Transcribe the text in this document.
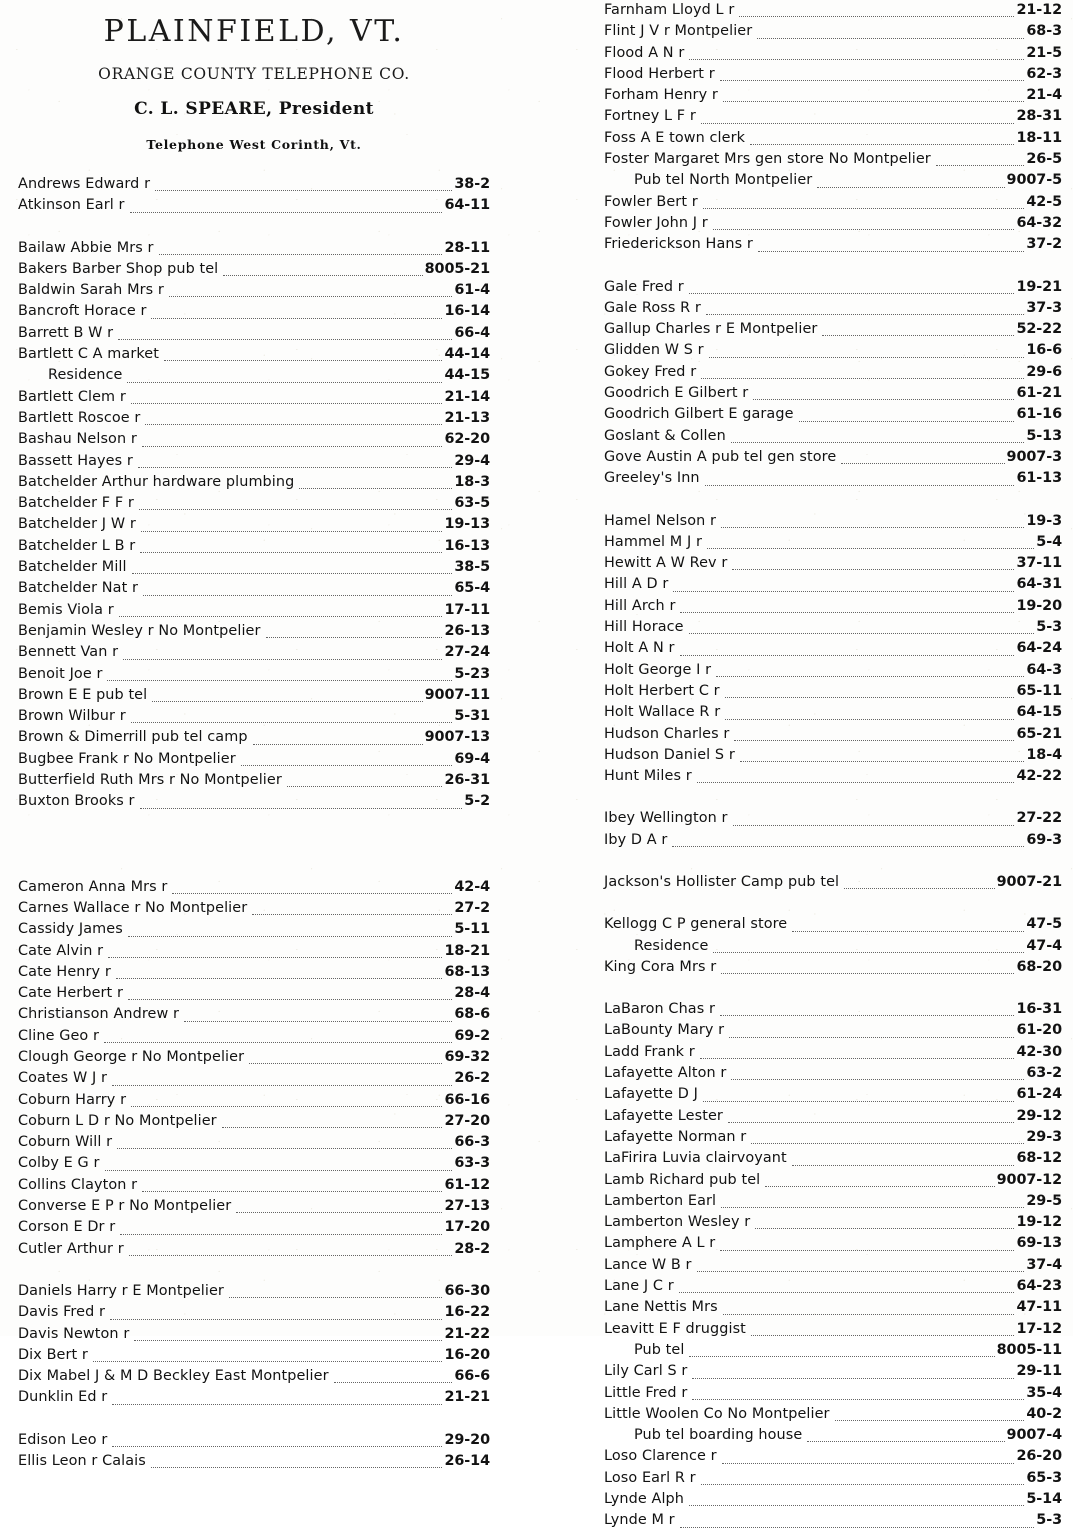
PLAINFIELD, VT.
ORANGE COUNTY TELEPHONE CO.
C. L. SPEARE, President
Telephone West Corinth, Vt.
Andrews Edward r	38-2
Atkinson Earl r	64-11
Bailaw Abbie Mrs r	28-11
Bakers Barber Shop pub tel	8005-21
Baldwin Sarah Mrs r	61-4
Bancroft Horace r	16-14
Barrett B W r	66-4
Bartlett C A market	44-14
Residence	44-15
Bartlett Clem r	21-14
Bartlett Roscoe r	21-13
Bashau Nelson r	62-20
Bassett Hayes r	29-4
Batchelder Arthur hardware plumbing	18-3
Batchelder F F r	63-5
Batchelder J W r	19-13
Batchelder L B r	16-13
Batchelder Mill	38-5
Batchelder Nat r	65-4
Bemis Viola r	17-11
Benjamin Wesley r No Montpelier	26-13
Bennett Van r	27-24
Benoit Joe r	5-23
Brown E E pub tel	9007-11
Brown Wilbur r	5-31
Brown & Dimerrill pub tel camp	9007-13
Bugbee Frank r No Montpelier	69-4
Butterfield Ruth Mrs r No Montpelier	26-31
Buxton Brooks r	5-2
Cameron Anna Mrs r	42-4
Carnes Wallace r No Montpelier	27-2
Cassidy James	5-11
Cate Alvin r	18-21
Cate Henry r	68-13
Cate Herbert r	28-4
Christianson Andrew r	68-6
Cline Geo r	69-2
Clough George r No Montpelier	69-32
Coates W J r	26-2
Coburn Harry r	66-16
Coburn L D r No Montpelier	27-20
Coburn Will r	66-3
Colby E G r	63-3
Collins Clayton r	61-12
Converse E P r No Montpelier	27-13
Corson E Dr r	17-20
Cutler Arthur r	28-2
Daniels Harry r E Montpelier	66-30
Davis Fred r	16-22
Davis Newton r	21-22
Dix Bert r	16-20
Dix Mabel J & M D Beckley East Montpelier	66-6
Dunklin Ed r	21-21
Edison Leo r	29-20
Ellis Leon r Calais	26-14
Farnham Lloyd L r	21-12
Flint J V r Montpelier	68-3
Flood A N r	21-5
Flood Herbert r	62-3
Forham Henry r	21-4
Fortney L F r	28-31
Foss A E town clerk	18-11
Foster Margaret Mrs gen store No Montpelier	26-5
Pub tel North Montpelier	9007-5
Fowler Bert r	42-5
Fowler John J r	64-32
Friederickson Hans r	37-2
Gale Fred r	19-21
Gale Ross R r	37-3
Gallup Charles r E Montpelier	52-22
Glidden W S r	16-6
Gokey Fred r	29-6
Goodrich E Gilbert r	61-21
Goodrich Gilbert E garage	61-16
Goslant & Collen	5-13
Gove Austin A pub tel gen store	9007-3
Greeley's Inn	61-13
Hamel Nelson r	19-3
Hammel M J r	5-4
Hewitt A W Rev r	37-11
Hill A D r	64-31
Hill Arch r	19-20
Hill Horace	5-3
Holt A N r	64-24
Holt George I r	64-3
Holt Herbert C r	65-11
Holt Wallace R r	64-15
Hudson Charles r	65-21
Hudson Daniel S r	18-4
Hunt Miles r	42-22
Ibey Wellington r	27-22
Iby D A r	69-3
Jackson's Hollister Camp pub tel	9007-21
Kellogg C P general store	47-5
Residence	47-4
King Cora Mrs r	68-20
LaBaron Chas r	16-31
LaBounty Mary r	61-20
Ladd Frank r	42-30
Lafayette Alton r	63-2
Lafayette D J	61-24
Lafayette Lester	29-12
Lafayette Norman r	29-3
LaFirira Luvia clairvoyant	68-12
Lamb Richard pub tel	9007-12
Lamberton Earl	29-5
Lamberton Wesley r	19-12
Lamphere A L r	69-13
Lance W B r	37-4
Lane J C r	64-23
Lane Nettis Mrs	47-11
Leavitt E F druggist	17-12
Pub tel	8005-11
Lily Carl S r	29-11
Little Fred r	35-4
Little Woolen Co No Montpelier	40-2
Pub tel boarding house	9007-4
Loso Clarence r	26-20
Loso Earl R r	65-3
Lynde Alph	5-14
Lynde M r	5-3
